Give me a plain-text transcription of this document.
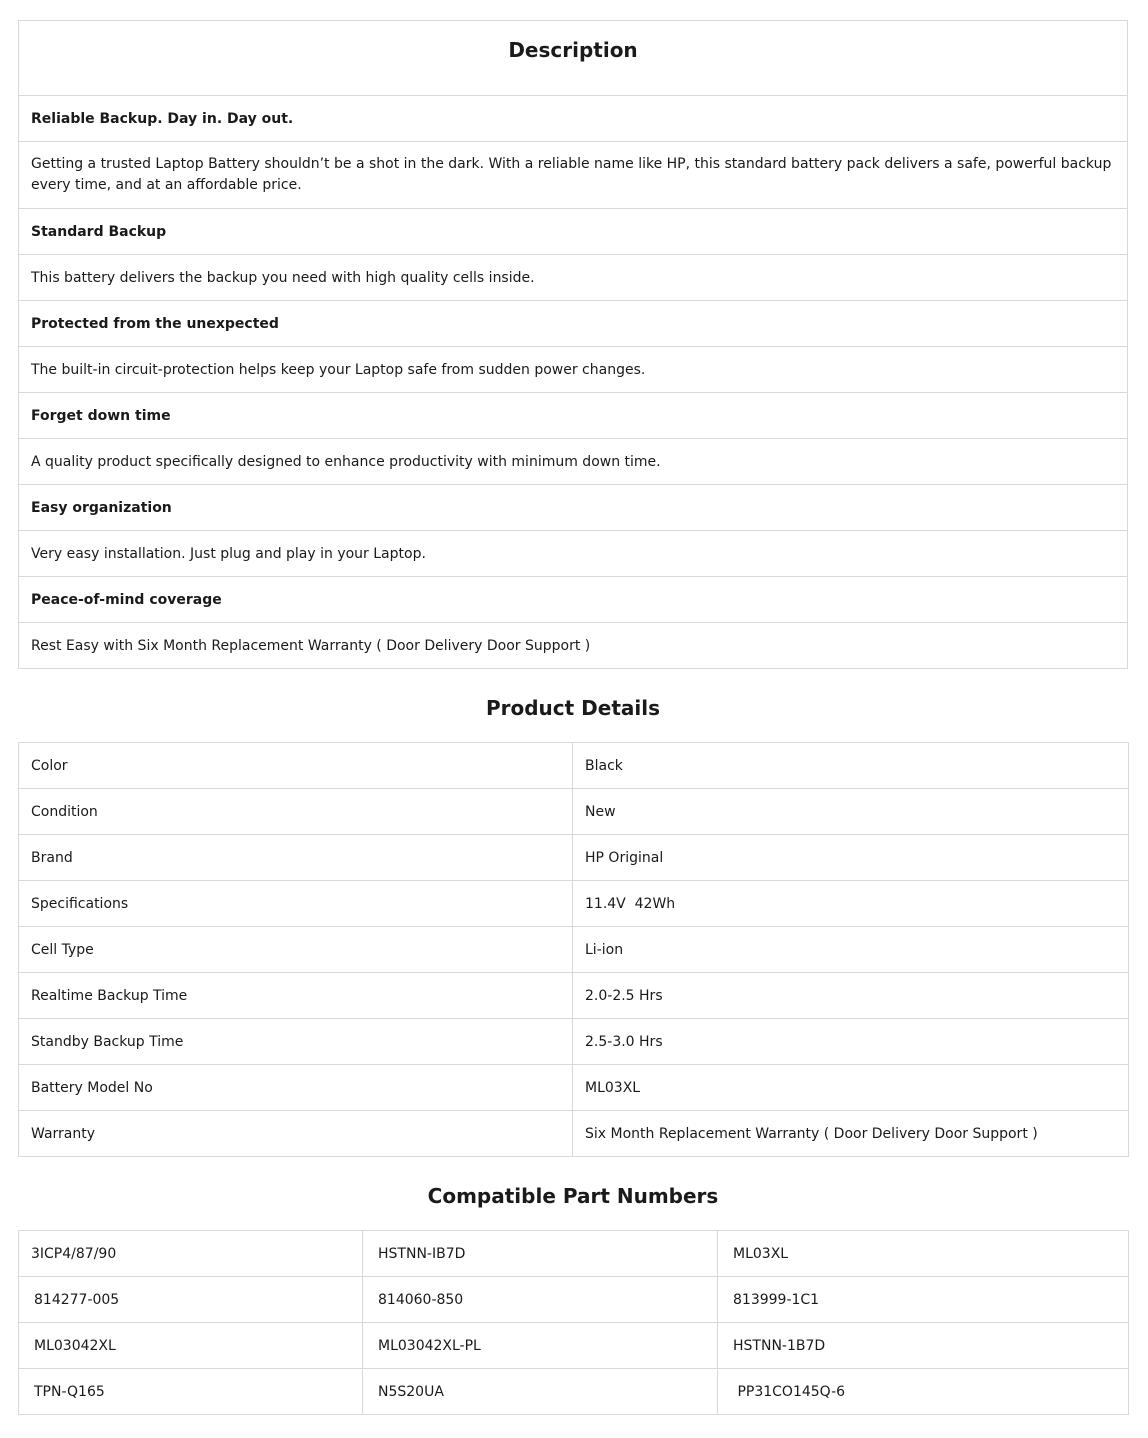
Description
Reliable Backup. Day in. Day out.
Getting a trusted Laptop Battery shouldn’t be a shot in the dark. With a reliable name like HP, this standard battery pack delivers a safe, powerful backup every time, and at an affordable price.
Standard Backup
This battery delivers the backup you need with high quality cells inside.
Protected from the unexpected
The built-in circuit-protection helps keep your Laptop safe from sudden power changes.
Forget down time
A quality product specifically designed to enhance productivity with minimum down time.
Easy organization
Very easy installation. Just plug and play in your Laptop.
Peace-of-mind coverage
Rest Easy with Six Month Replacement Warranty ( Door Delivery Door Support )
Product Details
Color	Black
Condition	New
Brand	HP Original
Specifications	11.4V  42Wh
Cell Type	Li-ion
Realtime Backup Time	2.0-2.5 Hrs
Standby Backup Time	2.5-3.0 Hrs
Battery Model No	ML03XL
Warranty	Six Month Replacement Warranty ( Door Delivery Door Support )
Compatible Part Numbers
3ICP4/87/90	HSTNN-IB7D	ML03XL
814277-005	814060-850	813999-1C1
ML03042XL	ML03042XL-PL	HSTNN-1B7D
TPN-Q165	N5S20UA	PP31CO145Q-6
